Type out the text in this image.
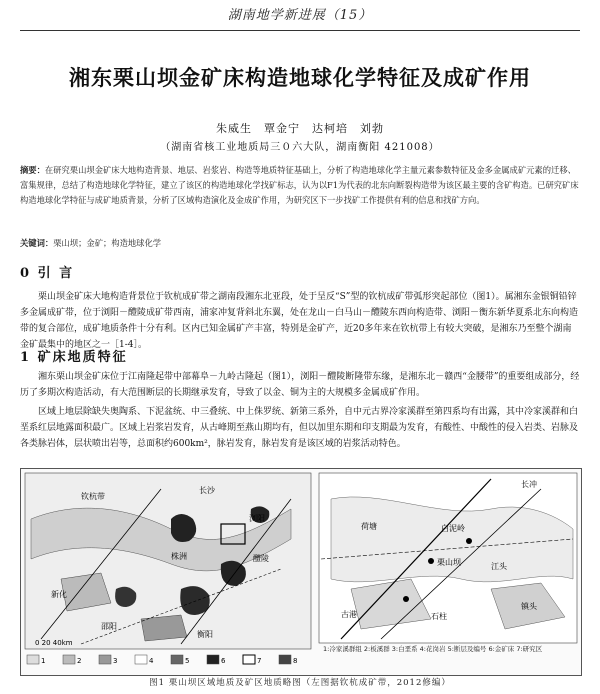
湖南地学新进展（15）
湘东栗山坝金矿床构造地球化学特征及成矿作用
朱威生　覃金宁　达柯培　刘勃
（湖南省核工业地质局三０六大队，湖南衡阳 421008）
摘要：在研究栗山坝金矿床大地构造背景、地层、岩浆岩、构造等地质特征基础上，分析了构造地球化学主量元素参数特征及金多金属成矿元素的迁移、富集规律，总结了构造地球化学特征，建立了该区的构造地球化学找矿标志，认为以F1为代表的北东向断裂构造带为该区最主要的含矿构造。已研究矿床构造地球化学特征与成矿地质背景，分析了区域构造演化及金成矿作用，为研究区下一步找矿工作提供有利的信息和找矿方向。
关键词：栗山坝；金矿；构造地球化学
0 引 言
栗山坝金矿床大地构造背景位于钦杭成矿带之湖南段湘东北亚段，处于呈反“S”型的钦杭成矿带弧形突起部位（图1）。属湘东金银铜铅锌多金属成矿带，位于浏阳－醴陵成矿带西南，浦家冲复背斜北东翼，处在龙山－白马山－醴陵东西向构造带、浏阳－衡东新华夏系北东向构造带的复合部位，成矿地质条件十分有利。区内已知金属矿产丰富，特别是金矿产，近20多年来在钦杭带上有较大突破，是湘东乃至整个湖南金矿最集中的地区之一［1-4］。
1 矿床地质特征
湘东栗山坝金矿床位于江南隆起带中部幕阜－九岭古隆起（图1），浏阳－醴陵断隆带东缘，是湘东北－赣西“金腰带”的重要组成部分，经历了多期次构造活动，有大范围断层的长期继承发育，导致了以金、铜为主的大规模多金属成矿作用。
区域上地层除缺失奥陶系、下泥盆统、中三叠统、中上侏罗统、新第三系外，自中元古界冷家溪群至第四系均有出露，其中冷家溪群和白垩系红层地露面积最广。区域上岩浆岩发育，从古峰期至燕山期均有，但以加里东期和印支期最为发育，有酸性、中酸性的侵入岩类、岩脉及各类脉岩体，层状喷出岩等，总面积约600km²，脉岩发育，脉岩发育是该区域的岩浆活动特色。
钦杭带
长沙
株洲
浏阳
醴陵
衡阳
邵阳
新化
0 20 40km
1	2	3	4	5	6	7	8
长冲
白泥岭
栗山坝
荷塘
江头
古港	石柱
镇头
1:冷家溪群组 2:板溪群 3:白垩系 4:花岗岩 5:断层及编号 6:金矿床 7:研究区
图1 栗山坝区域地质及矿区地质略图（左图据钦杭成矿带，2012修编）
